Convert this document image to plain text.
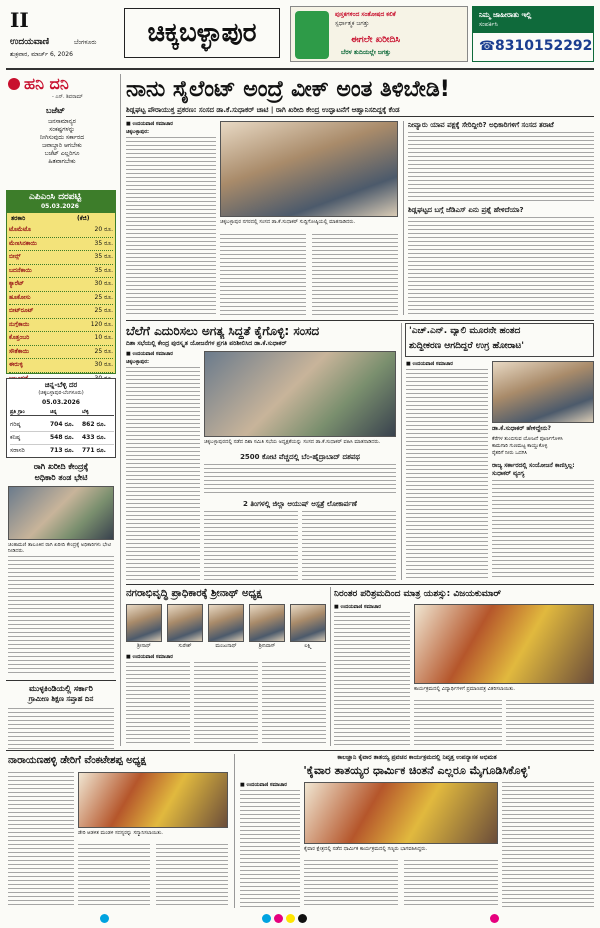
II
ಉದಯವಾಣಿ	ಬೆಂಗಳೂರು
ಶುಕ್ರವಾರ, ಮಾರ್ಚ್ 6, 2026
ಚಿಕ್ಕಬಳ್ಳಾಪುರ
ಪುಸ್ತಕಗಳಿಂದ ಸಂತೋಷದ ಕಲಿಕೆ
ಸ್ಪರ್ಧಾತ್ಮಕ ಜಗತ್ತು
ಈಗಲೇ ಖರೀದಿಸಿ
ಬೆರಳ ತುದಿಯಲ್ಲೇ ಜಗತ್ತು
ನಿಮ್ಮ ಜಾಹೀರಾತು ಇಲ್ಲಿ
ಸಂಪರ್ಕಿಸಿ
☎ 8310152292
ಹನಿ ದನಿ
- ಎನ್. ಶಿವರಾಮ್
ಬಜೆಟ್
ಜನಸಾಮಾನ್ಯರ
ಸಂಕಷ್ಟಗಳನ್ನು
ನೀಗಿಸುವುದು ಸರ್ಕಾರದ
ಜವಾಬ್ದಾರಿ ಆಗಬೇಕು
ಬಜೆಟ್ ಎಲ್ಲರಿಗೂ
ಹಿತವಾಗಬೇಕು
ಎಪಿಎಂಸಿ ದರಪಟ್ಟಿ
05.03.2026
ತರಕಾರಿ	(ಕೆಜಿ)
ಟೊಮೆಟೊ	20 ರೂ.
ಮೆಣಸಿನಕಾಯಿ	35 ರೂ.
ಬೀನ್ಸ್	35 ರೂ.
ಬದನೆಕಾಯಿ	35 ರೂ.
ಕ್ಯಾರೆಟ್	30 ರೂ.
ಹೂಕೋಸು	25 ರೂ.
ಬೀಟ್‌ರೂಟ್	25 ರೂ.
ನುಗ್ಗೆಕಾಯಿ	120 ರೂ.
ಕೊತ್ತಂಬರಿ	10 ರೂ.
ಸೌತೆಕಾಯಿ	25 ರೂ.
ಈರುಳ್ಳಿ	30 ರೂ.
ಚಿನ್ನ-ಬೆಳ್ಳಿ ದರ
(ಚಿಕ್ಕಬಳ್ಳಾಪುರ-ಬೆಂಗಳೂರು)
05.03.2026
ಪ್ರತಿ ಗ್ರಾಂ	ಚಿನ್ನ	ಬೆಳ್ಳಿ
ಗರಿಷ್ಠ	704 ರೂ.	862 ರೂ.
ಕನಿಷ್ಠ	548 ರೂ.	433 ರೂ.
ಸರಾಸರಿ	713 ರೂ.	771 ರೂ.
ರಾಗಿ ಖರೀದಿ ಕೇಂದ್ರಕ್ಕೆ
ಅಧಿಕಾರಿ ತಂಡ ಭೇಟಿ
ಚಿಂತಾಮಣಿ ತಾಲೂಕಿನ ರಾಗಿ ಖರೀದಿ ಕೇಂದ್ರಕ್ಕೆ ಅಧಿಕಾರಿಗಳು ಭೇಟಿ ನೀಡಿದರು.
ಮುಳ್ಳಕಿಂಡಿಯಲ್ಲಿ ಸರ್ಕಾರಿ
ಗ್ರಾಮೀಣ ಶಿಕ್ಷಣ ಸಪ್ತಾಹ ದಿನ
ನಾನು ಸೈಲೆಂಟ್ ಅಂದ್ರೆ ವೀಕ್ ಅಂತ ತಿಳಿಬೇಡಿ!
ಶಿಡ್ಲಘಟ್ಟ ಪೌರಾಯುಕ್ತ ಪ್ರಕರಣ: ಸಂಸದ ಡಾ.ಕೆ.ಸುಧಾಕರ್ ಚಾಟಿ | ರಾಗಿ ಖರೀದಿ ಕೇಂದ್ರ ಉದ್ಘಾಟನೆಗೆ ಆಹ್ವಾನಿಸದಿದ್ದಕ್ಕೆ ಕೆಂಡ
■ ಉದಯವಾಣಿ ಸಮಾಚಾರ
ಚಿಕ್ಕಬಳ್ಳಾಪುರ:
ಚಿಕ್ಕಬಳ್ಳಾಪುರ ನಗರದಲ್ಲಿ ಸಂಸದ ಡಾ.ಕೆ.ಸುಧಾಕರ್ ಸುದ್ದಿಗೋಷ್ಠಿಯಲ್ಲಿ ಮಾತನಾಡಿದರು.
ನೀವ್ಯಾರು ಯಾವ ಪಕ್ಷಕ್ಕೆ ಸೇರಿದ್ದೀರಿ? ಅಧಿಕಾರಿಗಳಿಗೆ ಸಂಸದ ತರಾಟೆ
ಶಿಡ್ಲಘಟ್ಟದ ಬಗ್ಗೆ ಜೆಡಿಎಸ್ ಏನು ಪ್ರಶ್ನೆ ಹೇಳಿದೆಯಾ?
ಬೆಲೆಗೆ ಎದುರಿಸಲು ಅಗತ್ಯ ಸಿದ್ಧತೆ ಕೈಗೊಳ್ಳಿ: ಸಂಸದ
ದಿಶಾ ಸಭೆಯಲ್ಲಿ ಕೇಂದ್ರ ಪುರಸ್ಕೃತ ಯೋಜನೆಗಳ ಪ್ರಗತಿ ಪರಿಶೀಲಿಸಿದ ಡಾ.ಕೆ.ಸುಧಾಕರ್
■ ಉದಯವಾಣಿ ಸಮಾಚಾರ
ಚಿಕ್ಕಬಳ್ಳಾಪುರ:
ಚಿಕ್ಕಬಳ್ಳಾಪುರದಲ್ಲಿ ನಡೆದ ದಿಶಾ ಸಮಿತಿ ಸಭೆಯ ಅಧ್ಯಕ್ಷತೆಯನ್ನು ಸಂಸದ ಡಾ.ಕೆ.ಸುಧಾಕರ್ ವಹಿಸಿ ಮಾತನಾಡಿದರು.
2500 ಕೋಟಿ ವೆಚ್ಚದಲ್ಲಿ ಬೆಂ-ಹೈದ್ರಾಬಾದ್ ದಶಪಥ
2 ತಿಂಗಳಲ್ಲಿ ಜಿಲ್ಲಾ ಆಯುಷ್ ಆಸ್ಪತ್ರೆ ಲೋಕಾರ್ಪಣೆ
'ಎಚ್.ಎನ್. ವ್ಯಾಲಿ ಮೂರನೇ ಹಂತದ
ಶುದ್ಧೀಕರಣ ಆಗದಿದ್ದರೆ ಉಗ್ರ ಹೋರಾಟ'
■ ಉದಯವಾಣಿ ಸಮಾಚಾರ
ಡಾ.ಕೆ.ಸುಧಾಕರ್ ಹೇಳಿದ್ದೇನು?
ಕೆರೆಗಳ ತುಂಬಿಸುವ ಯೋಜನೆ ಪೂರ್ಣಗೊಳಿಸಿ
ಕಾಮಗಾರಿ ಗುಣಮಟ್ಟ ಕಾಯ್ದುಕೊಳ್ಳಿ
ರೈತರಿಗೆ ನೀರು ಒದಗಿಸಿ
ರಾಜ್ಯ ಸರ್ಕಾರದಲ್ಲಿ ಸಂಯೋಜನೆ ಕಾಣಿಸ್ತಿಲ್ಲ: ಸುಧಾಕರ್ ವ್ಯಂಗ್ಯ
ನಗರಾಭಿವೃದ್ಧಿ ಪ್ರಾಧಿಕಾರಕ್ಕೆ ಶ್ರೀನಾಥ್ ಅಧ್ಯಕ್ಷ
ಶ್ರೀನಾಥ್	ಸುರೇಶ್	ಮಂಜುನಾಥ್	ಶ್ರೀನಿವಾಸ್	ಲಕ್ಷ್ಮಿ
■ ಉದಯವಾಣಿ ಸಮಾಚಾರ
ನಿರಂತರ ಪರಿಶ್ರಮದಿಂದ ಮಾತ್ರ ಯಶಸ್ಸು: ವಿಜಯಕುಮಾರ್
■ ಉದಯವಾಣಿ ಸಮಾಚಾರ
ಕಾರ್ಯಕ್ರಮದಲ್ಲಿ ವಿದ್ಯಾರ್ಥಿಗಳಿಗೆ ಪ್ರಮಾಣಪತ್ರ ವಿತರಿಸಲಾಯಿತು.
ನಾರಾಯಣಹಳ್ಳಿ ಡೇರಿಗೆ ವೆಂಕಟೇಶಪ್ಪ ಅಧ್ಯಕ್ಷ
ಡೇರಿ ಆಡಳಿತ ಮಂಡಳಿ ಸದಸ್ಯರನ್ನು ಸನ್ಮಾನಿಸಲಾಯಿತು.
ಕಾಲಜ್ಞಾನಿ ಕೈವಾರ ತಾತಯ್ಯ ಪ್ರವಚನ ಕಾರ್ಯಕ್ರಮದಲ್ಲಿ ನಿವೃತ್ತ ಉಪನ್ಯಾಸಕ ಅಭಿಮತ
'ಕೈವಾರ ತಾತಯ್ಯರ ಧಾರ್ಮಿಕ ಚಿಂತನೆ ಎಲ್ಲರೂ ಮೈಗೂಡಿಸಿಕೊಳ್ಳಿ'
■ ಉದಯವಾಣಿ ಸಮಾಚಾರ
ಕೈವಾರ ಕ್ಷೇತ್ರದಲ್ಲಿ ನಡೆದ ಧಾರ್ಮಿಕ ಕಾರ್ಯಕ್ರಮದಲ್ಲಿ ಗಣ್ಯರು ಭಾಗವಹಿಸಿದ್ದರು.
